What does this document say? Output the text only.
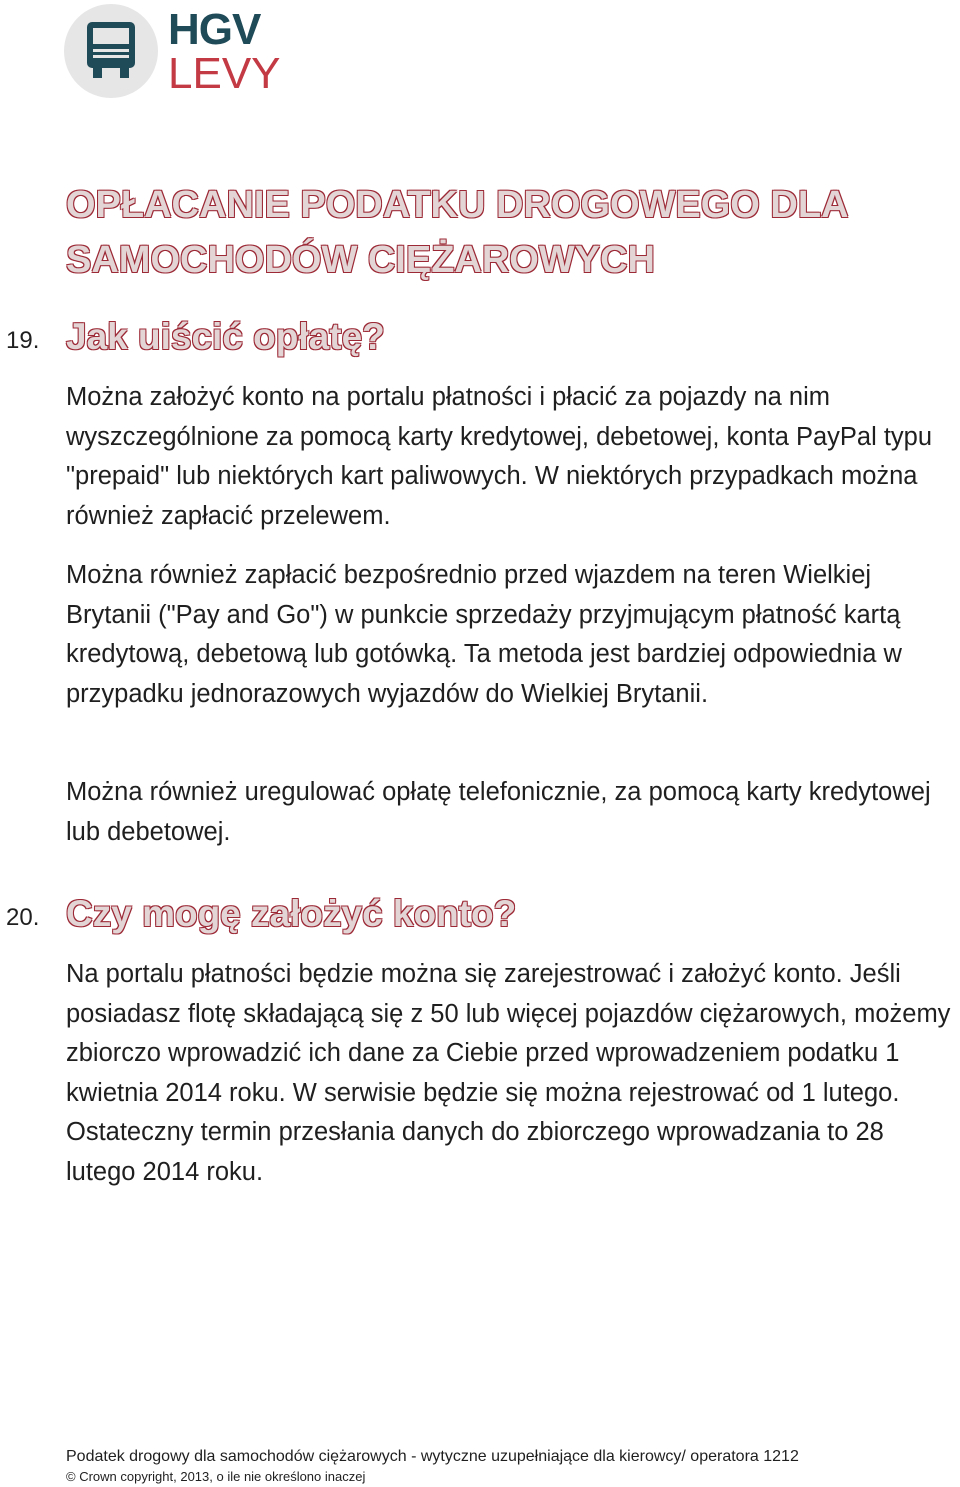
HGV
LEVY
OPŁACANIE PODATKU DROGOWEGO DLA
SAMOCHODÓW CIĘŻAROWYCH
19. Jak uiścić opłatę?

Można założyć konto na portalu płatności i płacić za pojazdy na nim wyszczególnione za pomocą karty kredytowej, debetowej, konta PayPal typu "prepaid" lub niektórych kart paliwowych. W niektórych przypadkach można również zapłacić przelewem.

Można również zapłacić bezpośrednio przed wjazdem na teren Wielkiej Brytanii ("Pay and Go") w punkcie sprzedaży przyjmującym płatność kartą kredytową, debetową lub gotówką. Ta metoda jest bardziej odpowiednia w przypadku jednorazowych wyjazdów do Wielkiej Brytanii.

Można również uregulować opłatę telefonicznie, za pomocą karty kredytowej lub debetowej.

20. Czy mogę założyć konto?

Na portalu płatności będzie można się zarejestrować i założyć konto. Jeśli posiadasz flotę składającą się z 50 lub więcej pojazdów ciężarowych, możemy zbiorczo wprowadzić ich dane za Ciebie przed wprowadzeniem podatku 1 kwietnia 2014 roku. W serwisie będzie się można rejestrować od 1 lutego. Ostateczny termin przesłania danych do zbiorczego wprowadzania to 28 lutego 2014 roku.

Podatek drogowy dla samochodów ciężarowych - wytyczne uzupełniające dla kierowcy/ operatora 1212
© Crown copyright, 2013, o ile nie określono inaczej
